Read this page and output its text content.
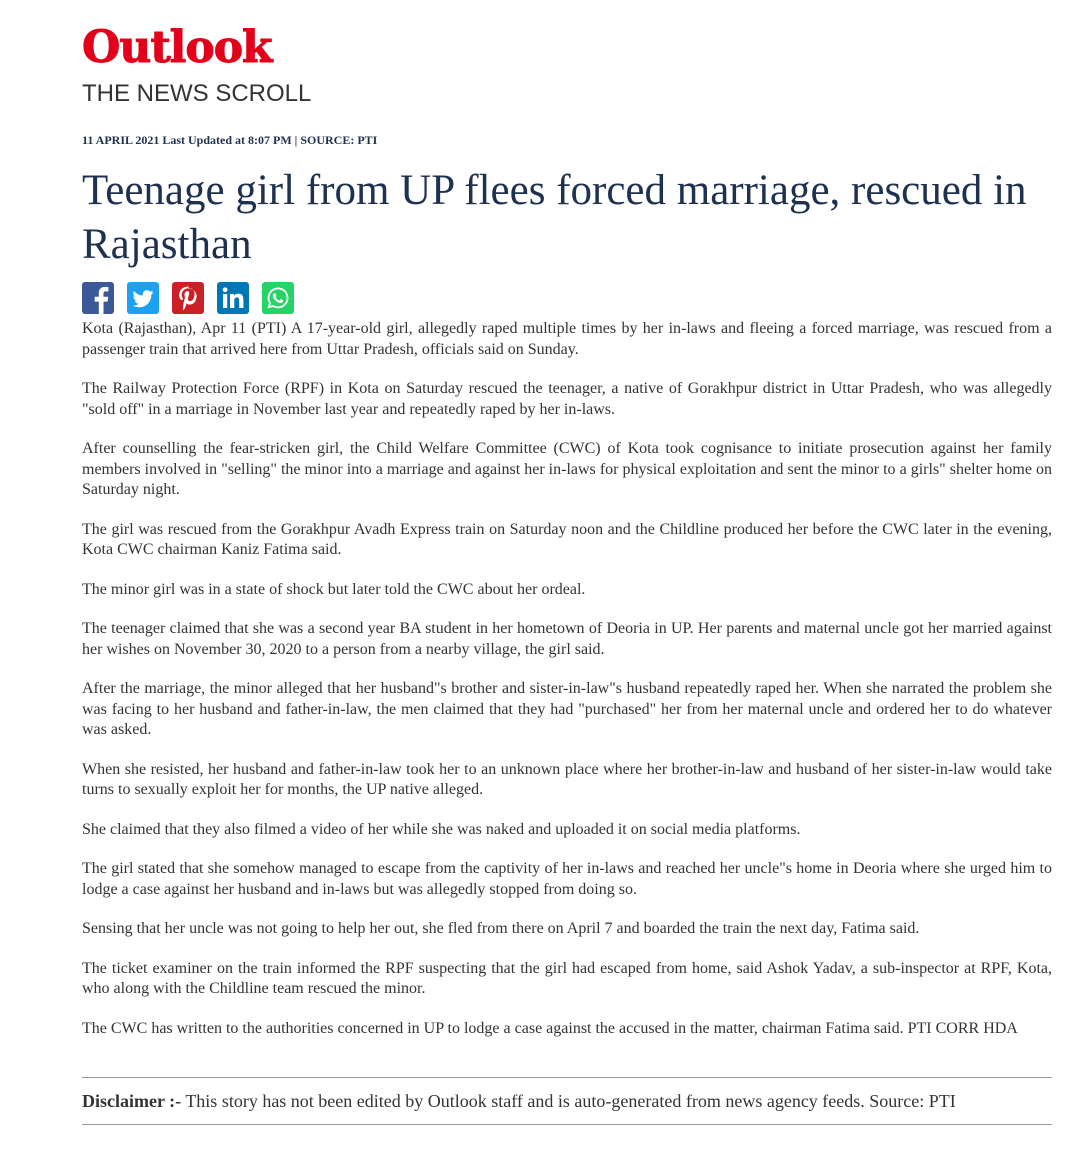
Outlook
THE NEWS SCROLL
11 APRIL 2021 Last Updated at 8:07 PM | SOURCE: PTI
Teenage girl from UP flees forced marriage, rescued in Rajasthan

Kota (Rajasthan), Apr 11 (PTI) A 17-year-old girl, allegedly raped multiple times by her in-laws and fleeing a forced marriage, was rescued from a passenger train that arrived here from Uttar Pradesh, officials said on Sunday.

The Railway Protection Force (RPF) in Kota on Saturday rescued the teenager, a native of Gorakhpur district in Uttar Pradesh, who was allegedly "sold off" in a marriage in November last year and repeatedly raped by her in-laws.

After counselling the fear-stricken girl, the Child Welfare Committee (CWC) of Kota took cognisance to initiate prosecution against her family members involved in "selling" the minor into a marriage and against her in-laws for physical exploitation and sent the minor to a girls" shelter home on Saturday night.

The girl was rescued from the Gorakhpur Avadh Express train on Saturday noon and the Childline produced her before the CWC later in the evening, Kota CWC chairman Kaniz Fatima said.

The minor girl was in a state of shock but later told the CWC about her ordeal.

The teenager claimed that she was a second year BA student in her hometown of Deoria in UP. Her parents and maternal uncle got her married against her wishes on November 30, 2020 to a person from a nearby village, the girl said.

After the marriage, the minor alleged that her husband"s brother and sister-in-law"s husband repeatedly raped her. When she narrated the problem she was facing to her husband and father-in-law, the men claimed that they had "purchased" her from her maternal uncle and ordered her to do whatever was asked.

When she resisted, her husband and father-in-law took her to an unknown place where her brother-in-law and husband of her sister-in-law would take turns to sexually exploit her for months, the UP native alleged.

She claimed that they also filmed a video of her while she was naked and uploaded it on social media platforms.

The girl stated that she somehow managed to escape from the captivity of her in-laws and reached her uncle"s home in Deoria where she urged him to lodge a case against her husband and in-laws but was allegedly stopped from doing so.

Sensing that her uncle was not going to help her out, she fled from there on April 7 and boarded the train the next day, Fatima said.

The ticket examiner on the train informed the RPF suspecting that the girl had escaped from home, said Ashok Yadav, a sub-inspector at RPF, Kota, who along with the Childline team rescued the minor.

The CWC has written to the authorities concerned in UP to lodge a case against the accused in the matter, chairman Fatima said. PTI CORR HDA

Disclaimer :- This story has not been edited by Outlook staff and is auto-generated from news agency feeds. Source: PTI
